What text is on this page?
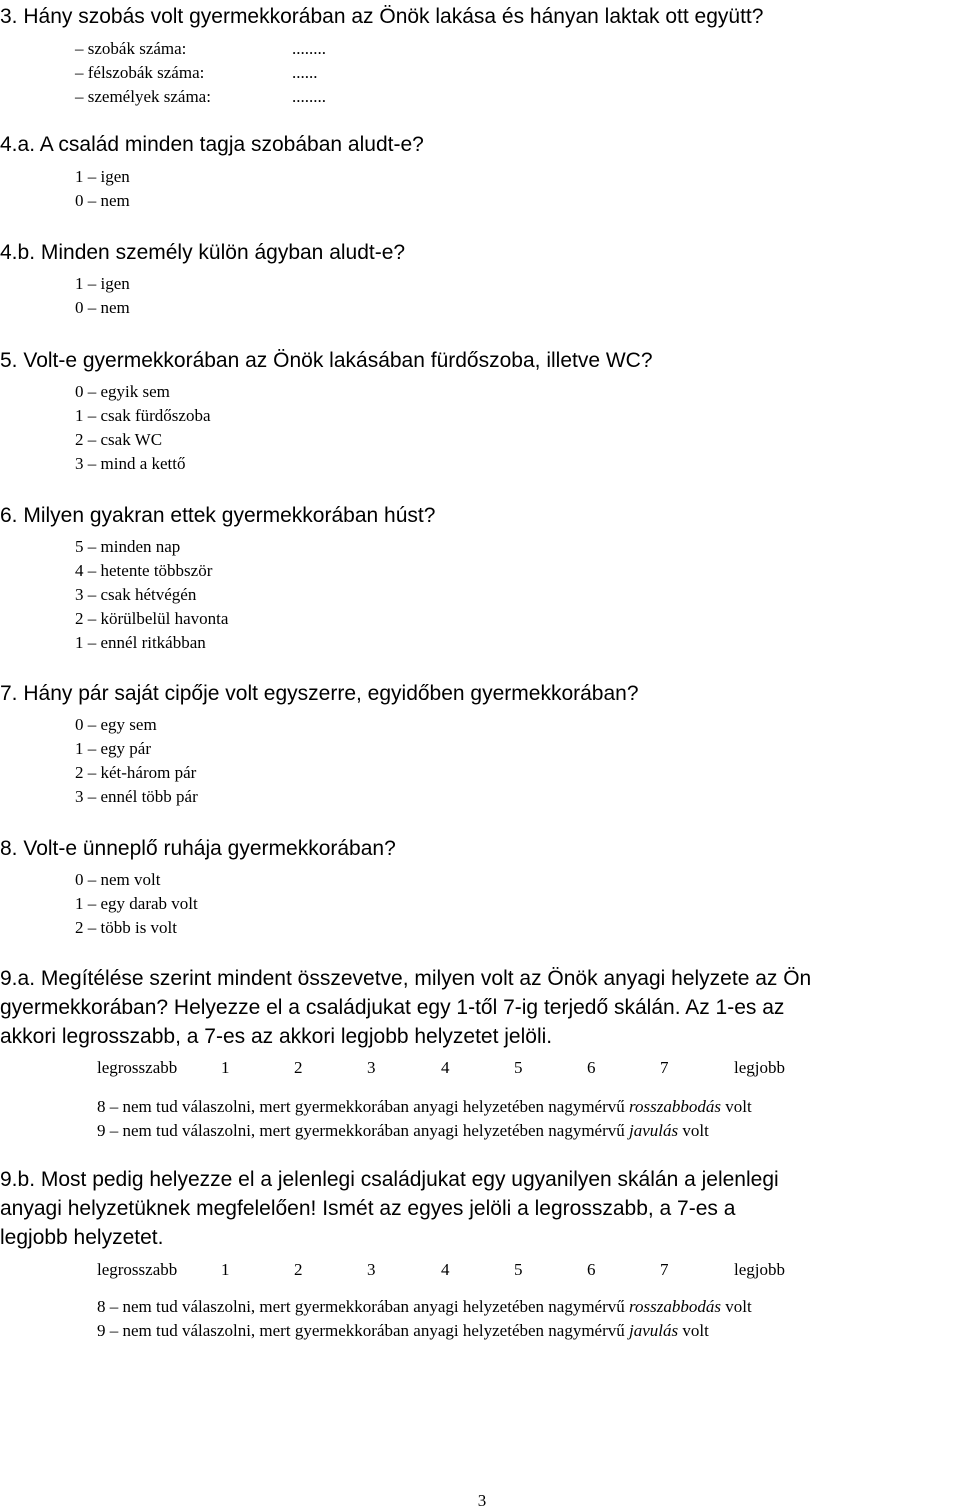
3. Hány szobás volt gyermekkorában az Önök lakása és hányan laktak ott együtt?
– szobák száma:	........
– félszobák száma:	......
– személyek száma:	........
4.a. A család minden tagja szobában aludt-e?
1 – igen
0 – nem
4.b. Minden személy külön ágyban aludt-e?
1 – igen
0 – nem
5. Volt-e gyermekkorában az Önök lakásában fürdőszoba, illetve WC?
0 – egyik sem
1 – csak fürdőszoba
2 – csak WC
3 – mind a kettő
6. Milyen gyakran ettek gyermekkorában húst?
5 – minden nap
4 – hetente többször
3 – csak hétvégén
2 – körülbelül havonta
1 – ennél ritkábban
7. Hány pár saját cipője volt egyszerre, egyidőben gyermekkorában?
0 – egy sem
1 – egy pár
2 – két-három pár
3 – ennél több pár
8. Volt-e ünneplő ruhája gyermekkorában?
0 – nem volt
1 – egy darab volt
2 – több is volt
9.a. Megítélése szerint mindent összevetve, milyen volt az Önök anyagi helyzete az Ön
gyermekkorában? Helyezze el a családjukat egy 1-től 7-ig terjedő skálán. Az 1-es az
akkori legrosszabb, a 7-es az akkori legjobb helyzetet jelöli.
legrosszabb	1	2	3	4	5	6	7	legjobb
8 – nem tud válaszolni, mert gyermekkorában anyagi helyzetében nagymérvű rosszabbodás volt
9 – nem tud válaszolni, mert gyermekkorában anyagi helyzetében nagymérvű javulás volt
9.b. Most pedig helyezze el a jelenlegi családjukat egy ugyanilyen skálán a jelenlegi
anyagi helyzetüknek megfelelően! Ismét az egyes jelöli a legrosszabb, a 7-es a
legjobb helyzetet.
legrosszabb	1	2	3	4	5	6	7	legjobb
8 – nem tud válaszolni, mert gyermekkorában anyagi helyzetében nagymérvű rosszabbodás volt
9 – nem tud válaszolni, mert gyermekkorában anyagi helyzetében nagymérvű javulás volt
3
